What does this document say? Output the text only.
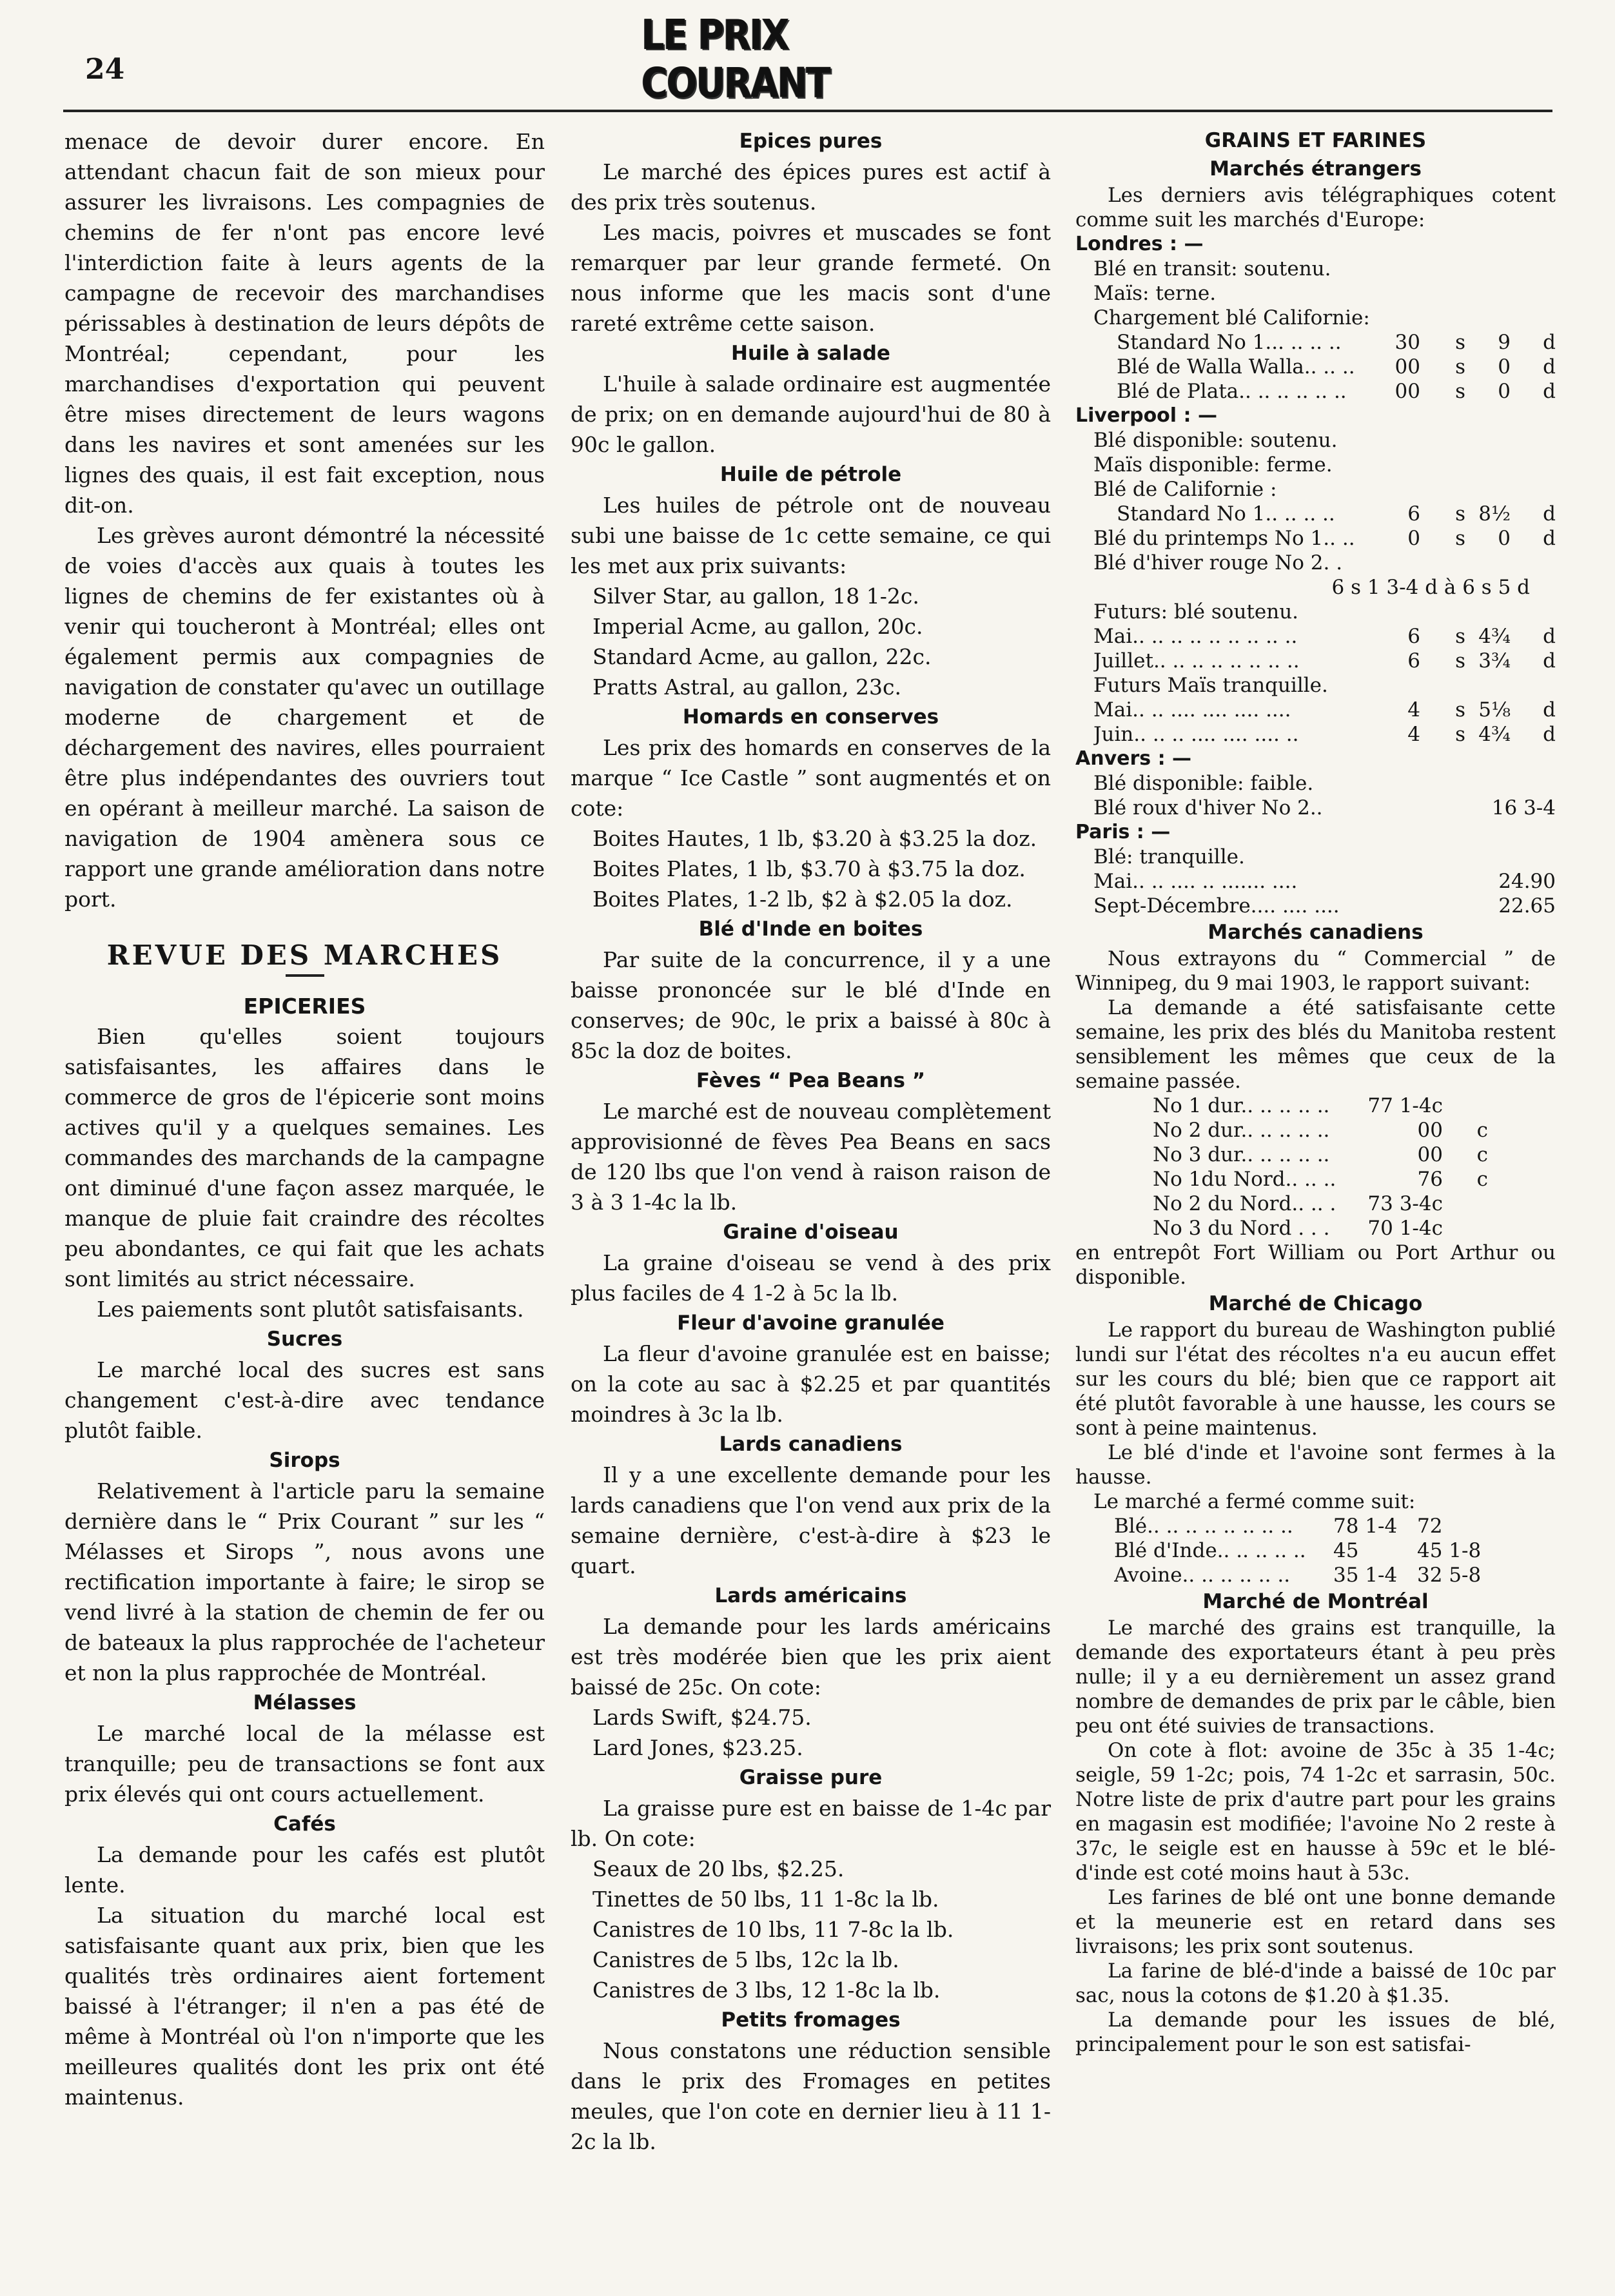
24
LE PRIX COURANT

menace de devoir durer encore. En attendant chacun fait de son mieux pour assurer les livraisons. Les compagnies de chemins de fer n'ont pas encore levé l'interdiction faite à leurs agents de la campagne de recevoir des marchandises périssables à destination de leurs dépôts de Montréal; cependant, pour les marchandises d'exportation qui peuvent être mises directement de leurs wagons dans les navires et sont amenées sur les lignes des quais, il est fait exception, nous dit-on.

Les grèves auront démontré la nécessité de voies d'accès aux quais à toutes les lignes de chemins de fer existantes où à venir qui toucheront à Montréal; elles ont également permis aux compagnies de navigation de constater qu'avec un outillage moderne de chargement et de déchargement des navires, elles pourraient être plus indépendantes des ouvriers tout en opérant à meilleur marché. La saison de navigation de 1904 amènera sous ce rapport une grande amélioration dans notre port.

REVUE DES MARCHES
EPICERIES

Bien qu'elles soient toujours satisfaisantes, les affaires dans le commerce de gros de l'épicerie sont moins actives qu'il y a quelques semaines. Les commandes des marchands de la campagne ont diminué d'une façon assez marquée, le manque de pluie fait craindre des récoltes peu abondantes, ce qui fait que les achats sont limités au strict nécessaire.

Les paiements sont plutôt satisfaisants.

Sucres

Le marché local des sucres est sans changement c'est-à-dire avec tendance plutôt faible.

Sirops

Relativement à l'article paru la semaine dernière dans le “ Prix Courant ” sur les “ Mélasses et Sirops ”, nous avons une rectification importante à faire; le sirop se vend livré à la station de chemin de fer ou de bateaux la plus rapprochée de l'acheteur et non la plus rapprochée de Montréal.

Mélasses

Le marché local de la mélasse est tranquille; peu de transactions se font aux prix élevés qui ont cours actuellement.

Cafés

La demande pour les cafés est plutôt lente.

La situation du marché local est satisfaisante quant aux prix, bien que les qualités très ordinaires aient fortement baissé à l'étranger; il n'en a pas été de même à Montréal où l'on n'importe que les meilleures qualités dont les prix ont été maintenus.

Epices pures

Le marché des épices pures est actif à des prix très soutenus.

Les macis, poivres et muscades se font remarquer par leur grande fermeté. On nous informe que les macis sont d'une rareté extrême cette saison.

Huile à salade

L'huile à salade ordinaire est augmentée de prix; on en demande aujourd'hui de 80 à 90c le gallon.

Huile de pétrole

Les huiles de pétrole ont de nouveau subi une baisse de 1c cette semaine, ce qui les met aux prix suivants:

Silver Star, au gallon, 18 1-2c.
Imperial Acme, au gallon, 20c.
Standard Acme, au gallon, 22c.
Pratts Astral, au gallon, 23c.
Homards en conserves

Les prix des homards en conserves de la marque “ Ice Castle ” sont augmentés et on cote:

Boites Hautes, 1 lb, $3.20 à $3.25 la doz.
Boites Plates, 1 lb, $3.70 à $3.75 la doz.
Boites Plates, 1-2 lb, $2 à $2.05 la doz.
Blé d'Inde en boites

Par suite de la concurrence, il y a une baisse prononcée sur le blé d'Inde en conserves; de 90c, le prix a baissé à 80c à 85c la doz de boites.

Fèves “ Pea Beans ”

Le marché est de nouveau complètement approvisionné de fèves Pea Beans en sacs de 120 lbs que l'on vend à raison raison de 3 à 3 1-4c la lb.

Graine d'oiseau

La graine d'oiseau se vend à des prix plus faciles de 4 1-2 à 5c la lb.

Fleur d'avoine granulée

La fleur d'avoine granulée est en baisse; on la cote au sac à $2.25 et par quantités moindres à 3c la lb.

Lards canadiens

Il y a une excellente demande pour les lards canadiens que l'on vend aux prix de la semaine dernière, c'est-à-dire à $23 le quart.

Lards américains

La demande pour les lards américains est très modérée bien que les prix aient baissé de 25c. On cote:

Lards Swift, $24.75.
Lard Jones, $23.25.
Graisse pure

La graisse pure est en baisse de 1-4c par lb. On cote:

Seaux de 20 lbs, $2.25.
Tinettes de 50 lbs, 11 1-8c la lb.
Canistres de 10 lbs, 11 7-8c la lb.
Canistres de 5 lbs, 12c la lb.
Canistres de 3 lbs, 12 1-8c la lb.
Petits fromages

Nous constatons une réduction sensible dans le prix des Fromages en petites meules, que l'on cote en dernier lieu à 11 1-2c la lb.

GRAINS ET FARINES
Marchés étrangers

Les derniers avis télégraphiques cotent comme suit les marchés d'Europe:

Londres : —
Blé en transit: soutenu.
Maïs: terne.
Chargement blé Californie:
Standard No 1... .. .. ..	30	s	9	d
Blé de Walla Walla.. .. ..	00	s	0	d
Blé de Plata.. .. .. .. .. ..	00	s	0	d
Liverpool : —
Blé disponible: soutenu.
Maïs disponible: ferme.
Blé de Californie :
Standard No 1.. .. .. ..	6	s 8½	d
Blé du printemps No 1.. ..	0	s	0	d
Blé d'hiver rouge No 2. .
6 s 1 3-4 d à 6 s 5 d
Futurs: blé soutenu.
Mai.. .. .. .. .. .. .. .. ..	6	s 4¾	d
Juillet.. .. .. .. .. .. .. ..	6	s 3¾	d
Futurs Maïs tranquille.
Mai.. .. .... .... .... ....	4	s 5⅛	d
Juin.. .. .. .... .... .... ..	4	s 4¾	d
Anvers : —
Blé disponible: faible.
Blé roux d'hiver No 2..	16 3-4
Paris : —
Blé: tranquille.
Mai.. .. .... .. ....... ....	24.90
Sept-Décembre.... .... ....	22.65
Marchés canadiens

Nous extrayons du “ Commercial ” de Winnipeg, du 9 mai 1903, le rapport suivant:

La demande a été satisfaisante cette semaine, les prix des blés du Manitoba restent sensiblement les mêmes que ceux de la semaine passée.

No 1 dur.. .. .. .. ..	77 1-4c
No 2 dur.. .. .. .. ..	00	c
No 3 dur.. .. .. .. ..	00	c
No 1du Nord.. .. ..	76	c
No 2 du Nord.. .. .	73 3-4c
No 3 du Nord . . .	70 1-4c

en entrepôt Fort William ou Port Arthur ou disponible.

Marché de Chicago

Le rapport du bureau de Washington publié lundi sur l'état des récoltes n'a eu aucun effet sur les cours du blé; bien que ce rapport ait été plutôt favorable à une hausse, les cours se sont à peine maintenus.

Le blé d'inde et l'avoine sont fermes à la hausse.

Le marché a fermé comme suit:
Blé.. .. .. .. .. .. .. ..	78 1-4 72
Blé d'Inde.. .. .. .. ..	45	45 1-8
Avoine.. .. .. .. .. ..	35 1-4 32 5-8
Marché de Montréal

Le marché des grains est tranquille, la demande des exportateurs étant à peu près nulle; il y a eu dernièrement un assez grand nombre de demandes de prix par le câble, bien peu ont été suivies de transactions.

On cote à flot: avoine de 35c à 35 1-4c; seigle, 59 1-2c; pois, 74 1-2c et sarrasin, 50c. Notre liste de prix d'autre part pour les grains en magasin est modifiée; l'avoine No 2 reste à 37c, le seigle est en hausse à 59c et le blé-d'inde est coté moins haut à 53c.

Les farines de blé ont une bonne demande et la meunerie est en retard dans ses livraisons; les prix sont soutenus.

La farine de blé-d'inde a baissé de 10c par sac, nous la cotons de $1.20 à $1.35.

La demande pour les issues de blé, principalement pour le son est satisfai-
